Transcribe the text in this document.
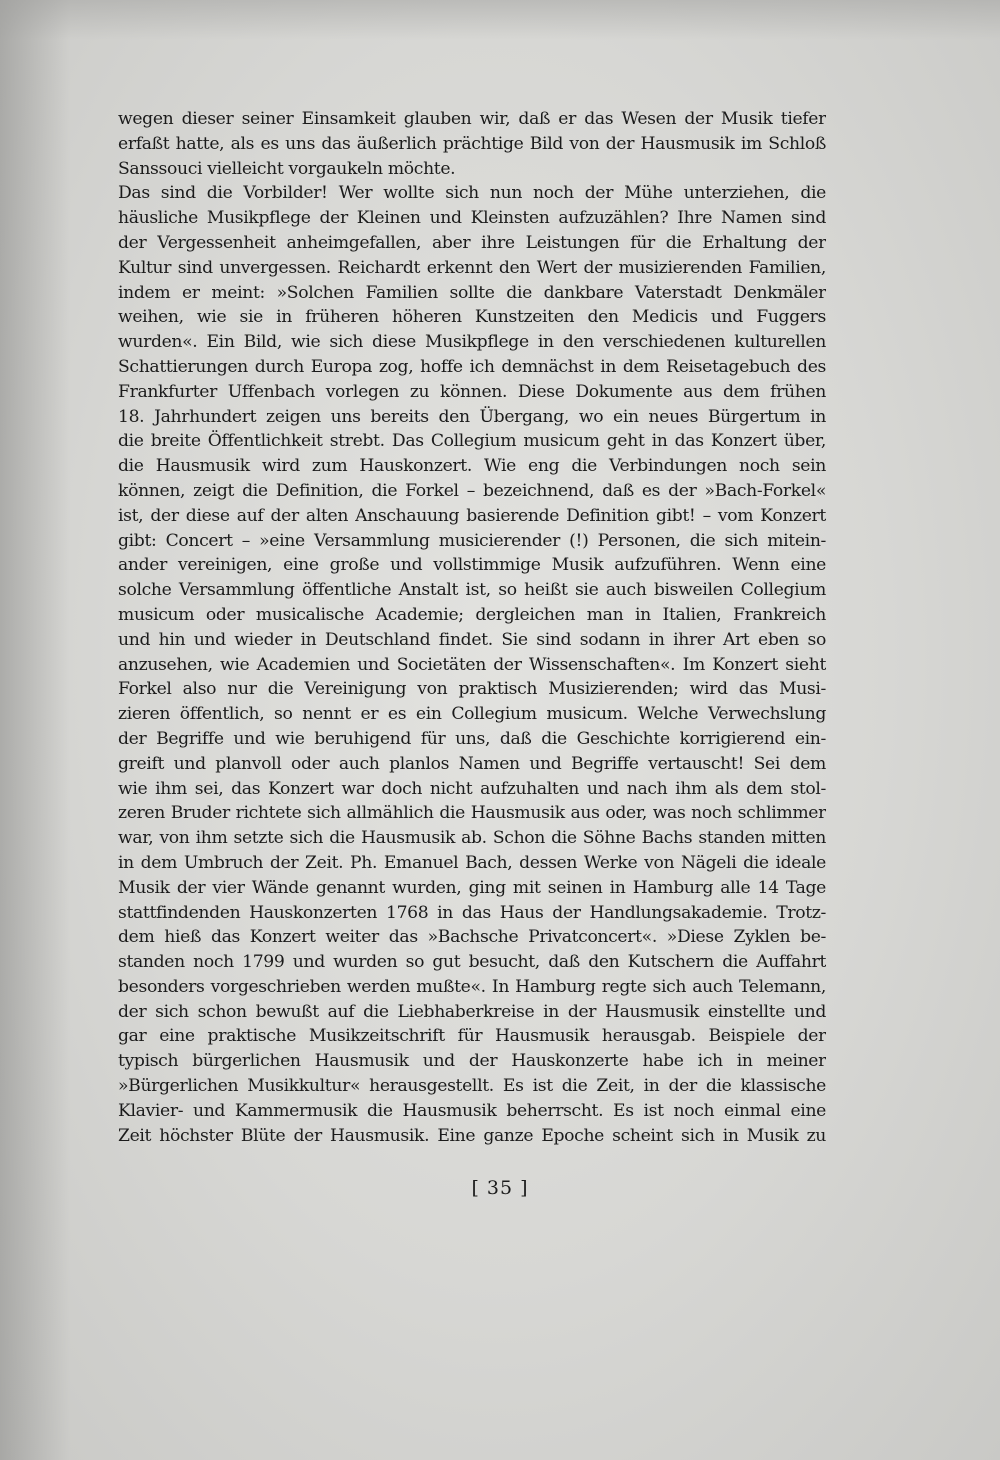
wegen dieser seiner Einsamkeit glauben wir, daß er das Wesen der Musik tiefer
erfaßt hatte, als es uns das äußerlich prächtige Bild von der Hausmusik im Schloß
Sanssouci vielleicht vorgaukeln möchte.
Das sind die Vorbilder! Wer wollte sich nun noch der Mühe unterziehen, die
häusliche Musikpflege der Kleinen und Kleinsten aufzuzählen? Ihre Namen sind
der Vergessenheit anheimgefallen, aber ihre Leistungen für die Erhaltung der
Kultur sind unvergessen. Reichardt erkennt den Wert der musizierenden Familien,
indem er meint: »Solchen Familien sollte die dankbare Vaterstadt Denkmäler
weihen, wie sie in früheren höheren Kunstzeiten den Medicis und Fuggers
wurden«. Ein Bild, wie sich diese Musikpflege in den verschiedenen kulturellen
Schattierungen durch Europa zog, hoffe ich demnächst in dem Reisetagebuch des
Frankfurter Uffenbach vorlegen zu können. Diese Dokumente aus dem frühen
18. Jahrhundert zeigen uns bereits den Übergang, wo ein neues Bürgertum in
die breite Öffentlichkeit strebt. Das Collegium musicum geht in das Konzert über,
die Hausmusik wird zum Hauskonzert. Wie eng die Verbindungen noch sein
können, zeigt die Definition, die Forkel – bezeichnend, daß es der »Bach-Forkel«
ist, der diese auf der alten Anschauung basierende Definition gibt! – vom Konzert
gibt: Concert – »eine Versammlung musicierender (!) Personen, die sich mitein-
ander vereinigen, eine große und vollstimmige Musik aufzuführen. Wenn eine
solche Versammlung öffentliche Anstalt ist, so heißt sie auch bisweilen Collegium
musicum oder musicalische Academie; dergleichen man in Italien, Frankreich
und hin und wieder in Deutschland findet. Sie sind sodann in ihrer Art eben so
anzusehen, wie Academien und Societäten der Wissenschaften«. Im Konzert sieht
Forkel also nur die Vereinigung von praktisch Musizierenden; wird das Musi-
zieren öffentlich, so nennt er es ein Collegium musicum. Welche Verwechslung
der Begriffe und wie beruhigend für uns, daß die Geschichte korrigierend ein-
greift und planvoll oder auch planlos Namen und Begriffe vertauscht! Sei dem
wie ihm sei, das Konzert war doch nicht aufzuhalten und nach ihm als dem stol-
zeren Bruder richtete sich allmählich die Hausmusik aus oder, was noch schlimmer
war, von ihm setzte sich die Hausmusik ab. Schon die Söhne Bachs standen mitten
in dem Umbruch der Zeit. Ph. Emanuel Bach, dessen Werke von Nägeli die ideale
Musik der vier Wände genannt wurden, ging mit seinen in Hamburg alle 14 Tage
stattfindenden Hauskonzerten 1768 in das Haus der Handlungsakademie. Trotz-
dem hieß das Konzert weiter das »Bachsche Privatconcert«. »Diese Zyklen be-
standen noch 1799 und wurden so gut besucht, daß den Kutschern die Auffahrt
besonders vorgeschrieben werden mußte«. In Hamburg regte sich auch Telemann,
der sich schon bewußt auf die Liebhaberkreise in der Hausmusik einstellte und
gar eine praktische Musikzeitschrift für Hausmusik herausgab. Beispiele der
typisch bürgerlichen Hausmusik und der Hauskonzerte habe ich in meiner
»Bürgerlichen Musikkultur« herausgestellt. Es ist die Zeit, in der die klassische
Klavier- und Kammermusik die Hausmusik beherrscht. Es ist noch einmal eine
Zeit höchster Blüte der Hausmusik. Eine ganze Epoche scheint sich in Musik zu
[ 35 ]
